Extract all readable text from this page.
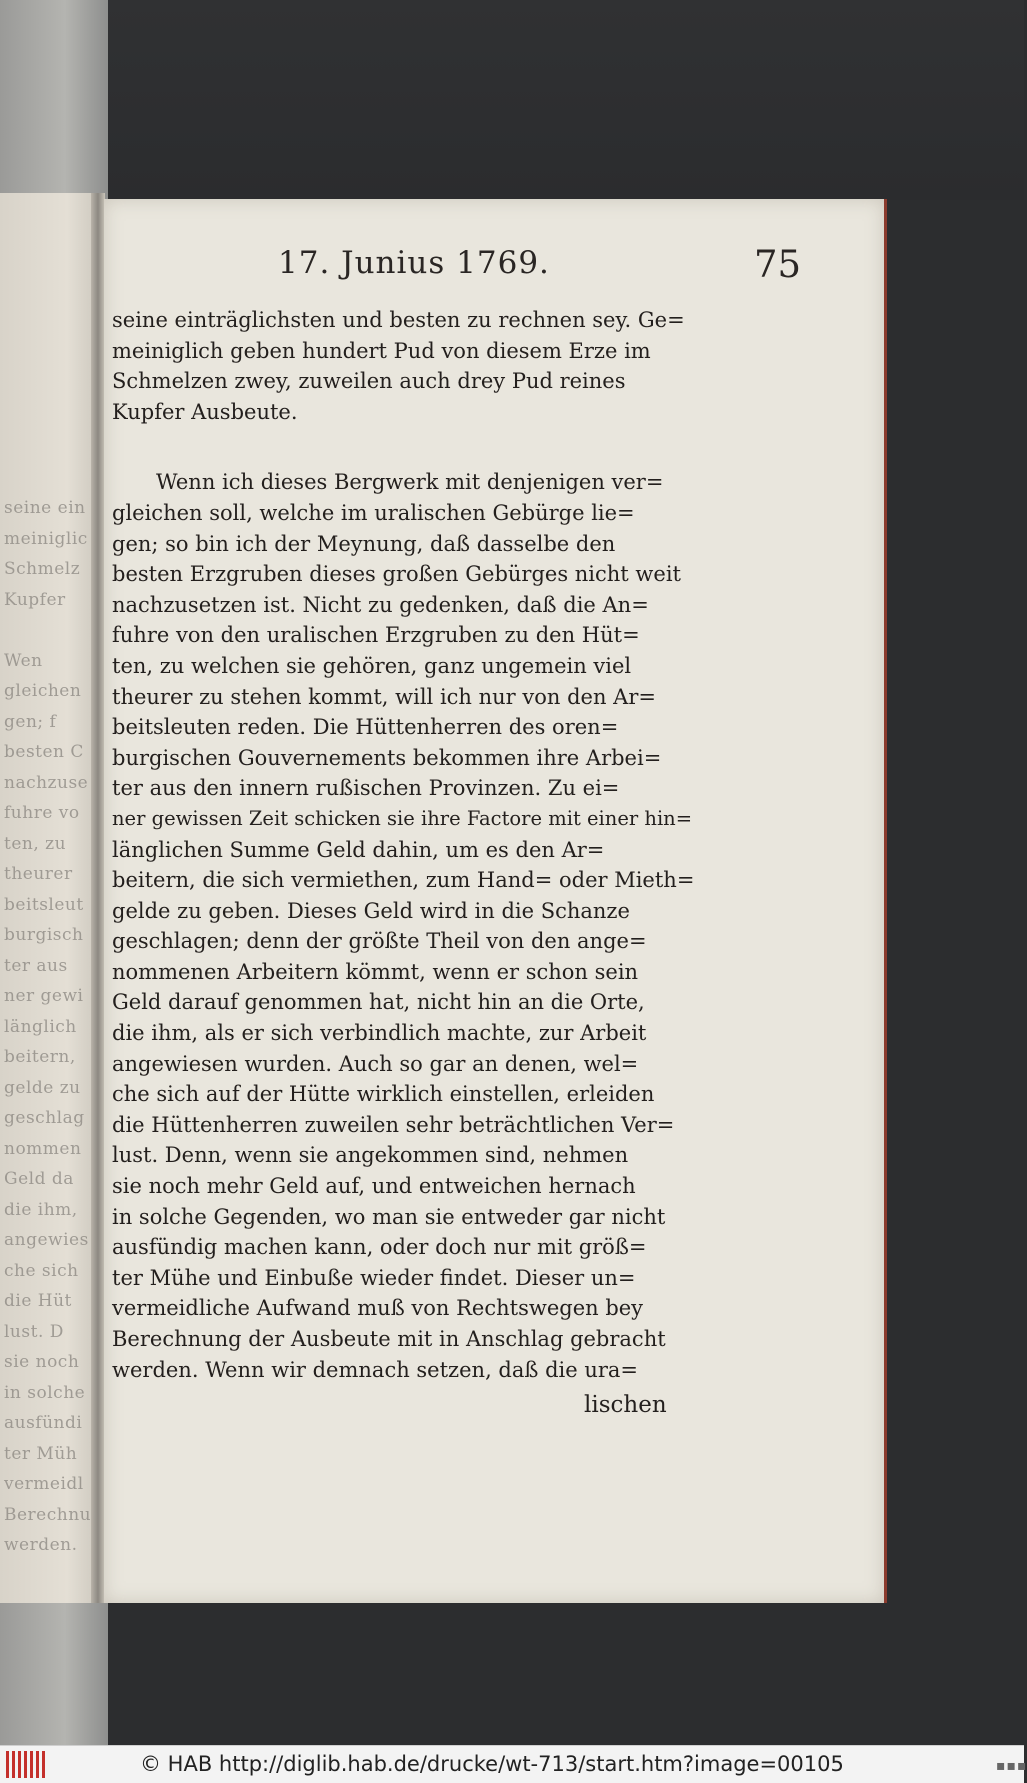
seine ein
meiniglic
Schmelz
Kupfer

Wen
gleichen
gen; f
besten C
nachzuse
fuhre vo
ten, zu
theurer
beitsleut
burgisch
ter aus
ner gewi
länglich
beitern,
gelde zu
geschlag
nommen
Geld da
die ihm,
angewies
che sich
die Hüt
lust. D
sie noch
in solche
ausfündi
ter Müh
vermeidl
Berechnu
werden.
17. Junius 1769.	75
seine einträglichsten und besten zu rechnen sey. Ge=
meiniglich geben hundert Pud von diesem Erze im
Schmelzen zwey, zuweilen auch drey Pud reines
Kupfer Ausbeute.
Wenn ich dieses Bergwerk mit denjenigen ver=
gleichen soll, welche im uralischen Gebürge lie=
gen; so bin ich der Meynung, daß dasselbe den
besten Erzgruben dieses großen Gebürges nicht weit
nachzusetzen ist. Nicht zu gedenken, daß die An=
fuhre von den uralischen Erzgruben zu den Hüt=
ten, zu welchen sie gehören, ganz ungemein viel
theurer zu stehen kommt, will ich nur von den Ar=
beitsleuten reden. Die Hüttenherren des oren=
burgischen Gouvernements bekommen ihre Arbei=
ter aus den innern rußischen Provinzen. Zu ei=
ner gewissen Zeit schicken sie ihre Factore mit einer hin=
länglichen Summe Geld dahin, um es den Ar=
beitern, die sich vermiethen, zum Hand= oder Mieth=
gelde zu geben. Dieses Geld wird in die Schanze
geschlagen; denn der größte Theil von den ange=
nommenen Arbeitern kömmt, wenn er schon sein
Geld darauf genommen hat, nicht hin an die Orte,
die ihm, als er sich verbindlich machte, zur Arbeit
angewiesen wurden. Auch so gar an denen, wel=
che sich auf der Hütte wirklich einstellen, erleiden
die Hüttenherren zuweilen sehr beträchtlichen Ver=
lust. Denn, wenn sie angekommen sind, nehmen
sie noch mehr Geld auf, und entweichen hernach
in solche Gegenden, wo man sie entweder gar nicht
ausfündig machen kann, oder doch nur mit größ=
ter Mühe und Einbuße wieder findet. Dieser un=
vermeidliche Aufwand muß von Rechtswegen bey
Berechnung der Ausbeute mit in Anschlag gebracht
werden. Wenn wir demnach setzen, daß die ura=
lischen
© HAB http://diglib.hab.de/drucke/wt-713/start.htm?image=00105	▪▪▪
